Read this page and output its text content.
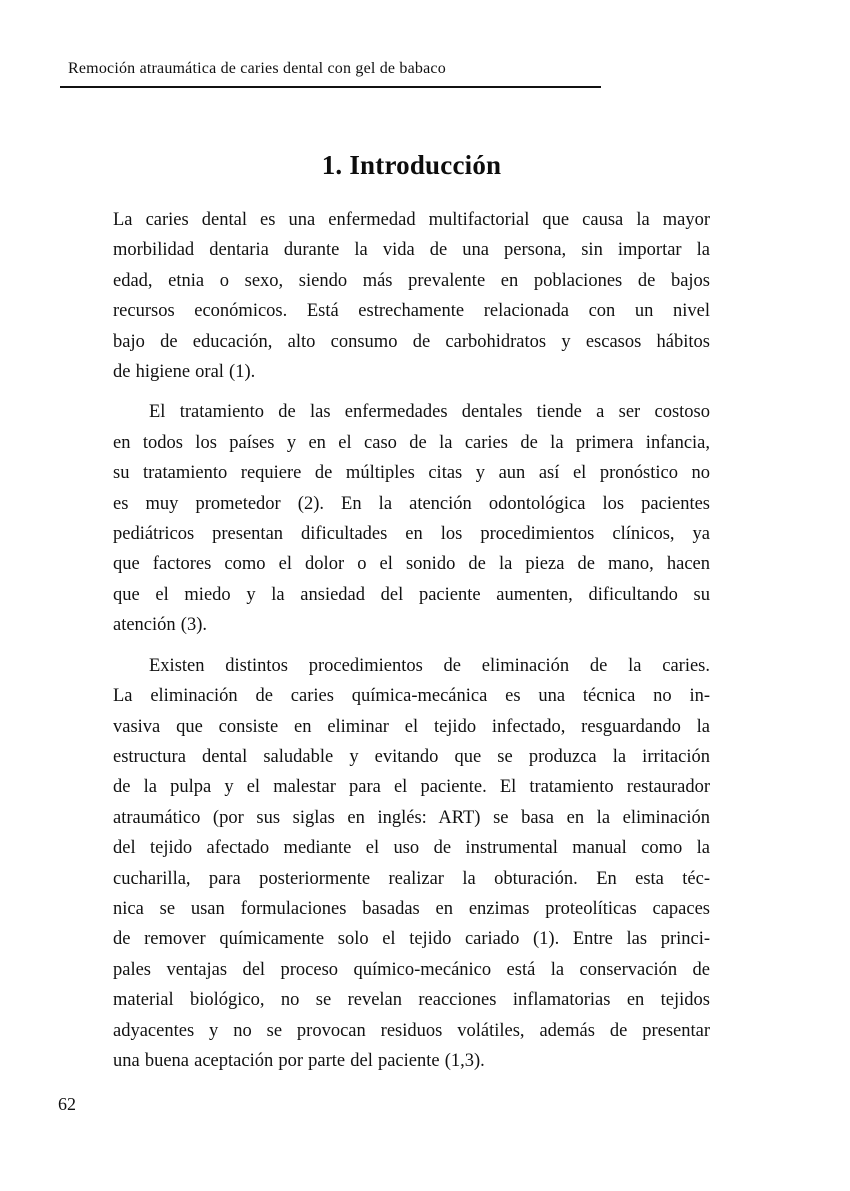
Remoción atraumática de caries dental con gel de babaco
1. Introducción
La caries dental es una enfermedad multifactorial que causa la mayor
morbilidad dentaria durante la vida de una persona, sin importar la
edad, etnia o sexo, siendo más prevalente en poblaciones de bajos
recursos económicos. Está estrechamente relacionada con un nivel
bajo de educación, alto consumo de carbohidratos y escasos hábitos
de higiene oral (1).
El tratamiento de las enfermedades dentales tiende a ser costoso
en todos los países y en el caso de la caries de la primera infancia,
su tratamiento requiere de múltiples citas y aun así el pronóstico no
es muy prometedor (2). En la atención odontológica los pacientes
pediátricos presentan dificultades en los procedimientos clínicos, ya
que factores como el dolor o el sonido de la pieza de mano, hacen
que el miedo y la ansiedad del paciente aumenten, dificultando su
atención (3).
Existen distintos procedimientos de eliminación de la caries.
La eliminación de caries química-mecánica es una técnica no in-
vasiva que consiste en eliminar el tejido infectado, resguardando la
estructura dental saludable y evitando que se produzca la irritación
de la pulpa y el malestar para el paciente. El tratamiento restaurador
atraumático (por sus siglas en inglés: ART) se basa en la eliminación
del tejido afectado mediante el uso de instrumental manual como la
cucharilla, para posteriormente realizar la obturación. En esta téc-
nica se usan formulaciones basadas en enzimas proteolíticas capaces
de remover químicamente solo el tejido cariado (1). Entre las princi-
pales ventajas del proceso químico-mecánico está la conservación de
material biológico, no se revelan reacciones inflamatorias en tejidos
adyacentes y no se provocan residuos volátiles, además de presentar
una buena aceptación por parte del paciente (1,3).
62
